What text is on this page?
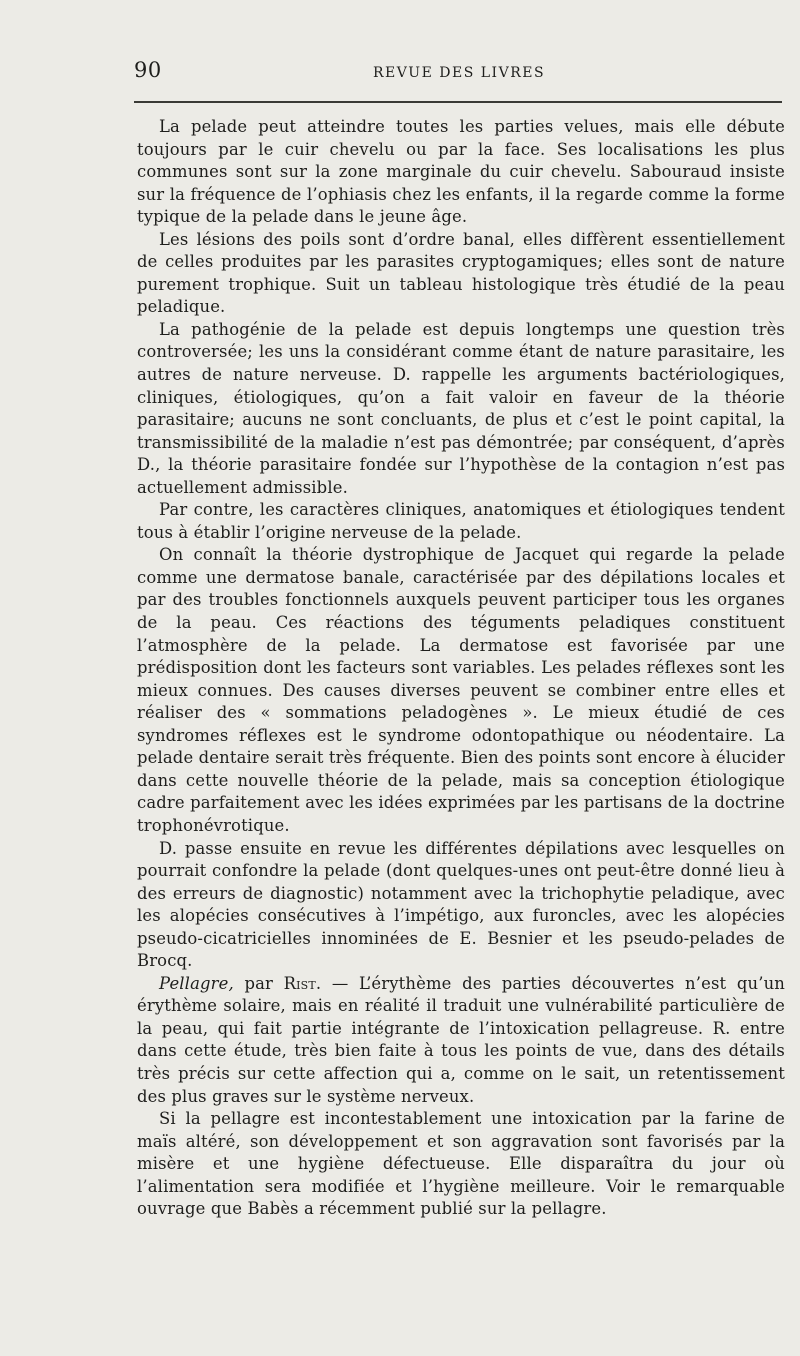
90	REVUE DES LIVRES

La pelade peut atteindre toutes les parties velues, mais elle débute toujours par le cuir chevelu ou par la face. Ses localisations les plus communes sont sur la zone marginale du cuir chevelu. Sabouraud insiste sur la fréquence de l’ophiasis chez les enfants, il la regarde comme la forme typique de la pelade dans le jeune âge.

Les lésions des poils sont d’ordre banal, elles diffèrent essentiellement de celles produites par les parasites cryptogamiques; elles sont de nature purement trophique. Suit un tableau histologique très étudié de la peau peladique.

La pathogénie de la pelade est depuis longtemps une question très controversée; les uns la considérant comme étant de nature parasitaire, les autres de nature nerveuse. D. rappelle les arguments bactériologiques, cliniques, étiologiques, qu’on a fait valoir en faveur de la théorie parasitaire; aucuns ne sont concluants, de plus et c’est le point capital, la transmissibilité de la maladie n’est pas démontrée; par conséquent, d’après D., la théorie parasitaire fondée sur l’hypothèse de la contagion n’est pas actuellement admissible.

Par contre, les caractères cliniques, anatomiques et étiologiques tendent tous à établir l’origine nerveuse de la pelade.

On connaît la théorie dystrophique de Jacquet qui regarde la pelade comme une dermatose banale, caractérisée par des dépilations locales et par des troubles fonctionnels auxquels peuvent participer tous les organes de la peau. Ces réactions des téguments peladiques constituent l’atmosphère de la pelade. La dermatose est favorisée par une prédisposition dont les facteurs sont variables. Les pelades réflexes sont les mieux connues. Des causes diverses peuvent se combiner entre elles et réaliser des « sommations peladogènes ». Le mieux étudié de ces syndromes réflexes est le syndrome odontopathique ou néodentaire. La pelade dentaire serait très fréquente. Bien des points sont encore à élucider dans cette nouvelle théorie de la pelade, mais sa conception étiologique cadre parfaitement avec les idées exprimées par les partisans de la doctrine trophonévrotique.

D. passe ensuite en revue les différentes dépilations avec lesquelles on pourrait confondre la pelade (dont quelques-unes ont peut-être donné lieu à des erreurs de diagnostic) notamment avec la trichophytie peladique, avec les alopécies consécutives à l’impétigo, aux furoncles, avec les alopécies pseudo-cicatricielles innominées de E. Besnier et les pseudo-pelades de Brocq.

Pellagre, par Rist. — L’érythème des parties découvertes n’est qu’un érythème solaire, mais en réalité il traduit une vulnérabilité particulière de la peau, qui fait partie intégrante de l’intoxication pellagreuse. R. entre dans cette étude, très bien faite à tous les points de vue, dans des détails très précis sur cette affection qui a, comme on le sait, un retentissement des plus graves sur le système nerveux.

Si la pellagre est incontestablement une intoxication par la farine de maïs altéré, son développement et son aggravation sont favorisés par la misère et une hygiène défectueuse. Elle disparaîtra du jour où l’alimentation sera modifiée et l’hygiène meilleure. Voir le remarquable ouvrage que Babès a récemment publié sur la pellagre.
